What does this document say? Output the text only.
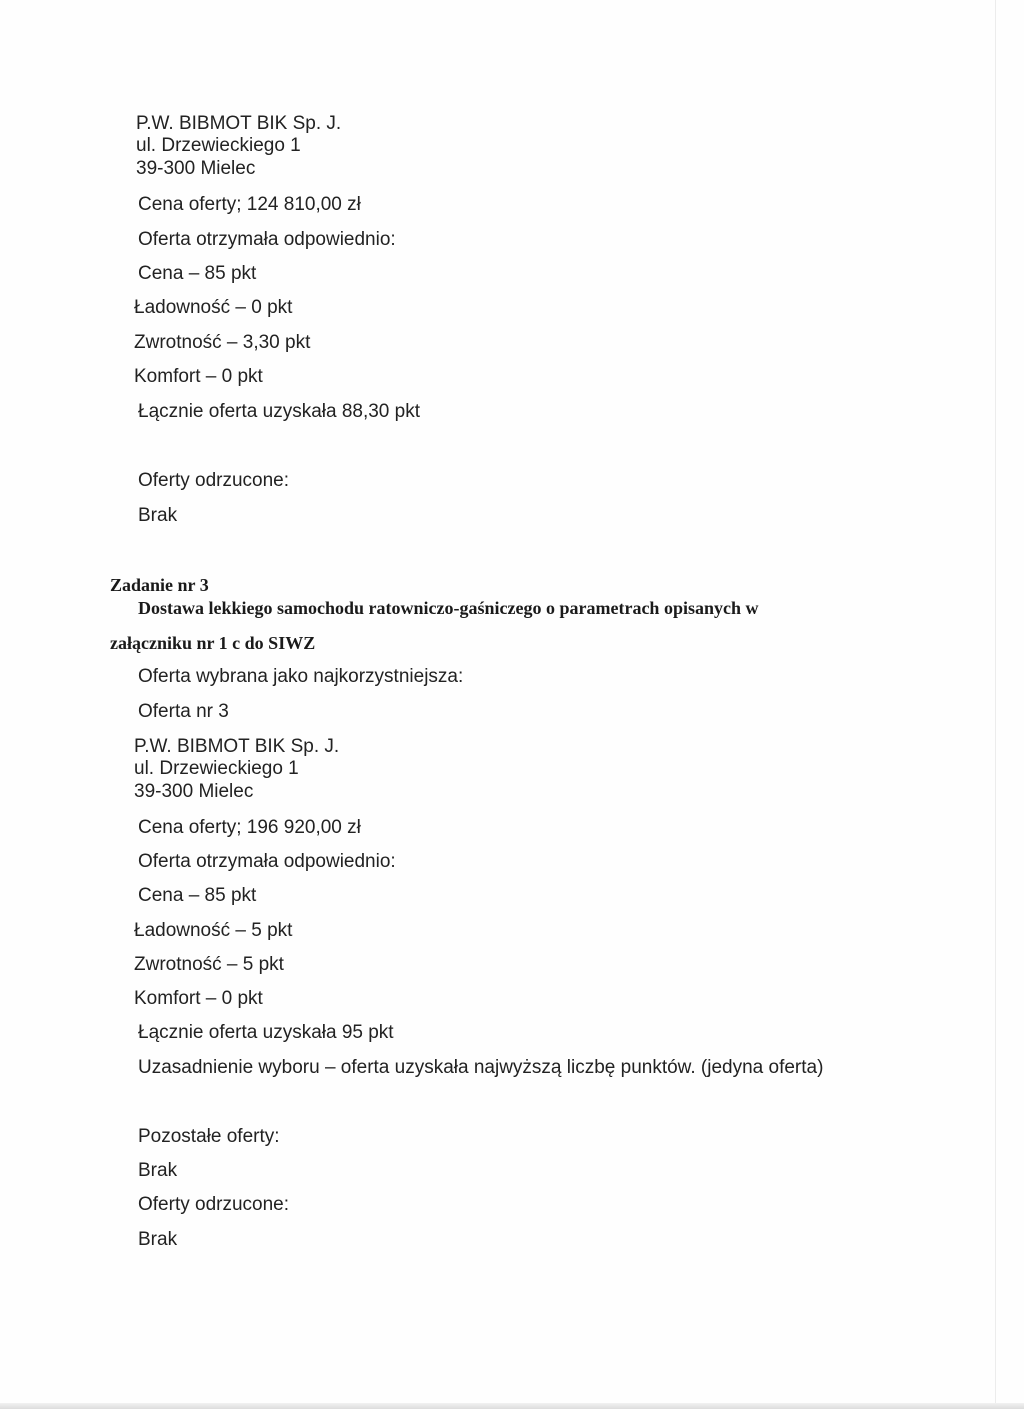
P.W. BIBMOT BIK Sp. J.
ul. Drzewieckiego 1
39-300 Mielec
Cena oferty; 124 810,00 zł
Oferta otrzymała odpowiednio:
Cena – 85 pkt
Ładowność – 0 pkt
Zwrotność – 3,30 pkt
Komfort – 0 pkt
Łącznie oferta uzyskała 88,30 pkt
Oferty odrzucone:
Brak
Zadanie nr 3
Dostawa lekkiego samochodu ratowniczo-gaśniczego o parametrach opisanych w
załączniku nr 1 c do SIWZ
Oferta wybrana jako najkorzystniejsza:
Oferta nr 3
P.W. BIBMOT BIK Sp. J.
ul. Drzewieckiego 1
39-300 Mielec
Cena oferty; 196 920,00 zł
Oferta otrzymała odpowiednio:
Cena – 85 pkt
Ładowność – 5 pkt
Zwrotność – 5 pkt
Komfort – 0 pkt
Łącznie oferta uzyskała 95 pkt
Uzasadnienie wyboru – oferta uzyskała najwyższą liczbę punktów. (jedyna oferta)
Pozostałe oferty:
Brak
Oferty odrzucone:
Brak
